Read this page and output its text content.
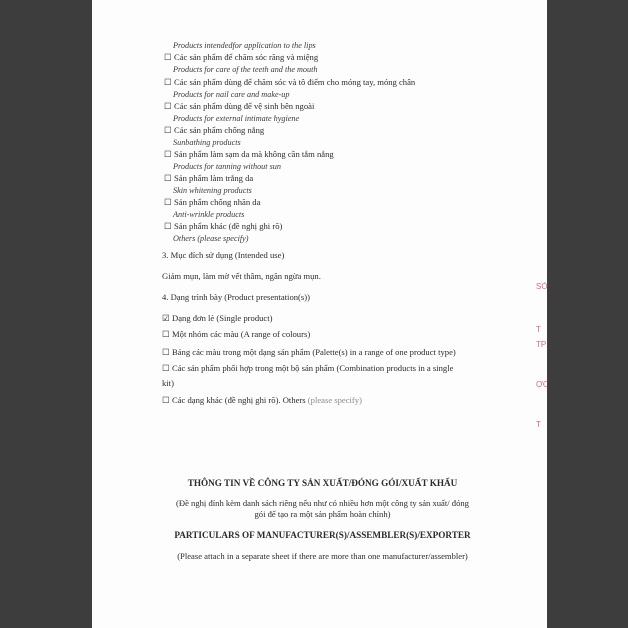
SỞ
T
TP
ỢC
T
Products intendedfor application to the lips
☐ Các sản phẩm để chăm sóc răng và miệng
Products for care of the teeth and the mouth
☐ Các sản phẩm dùng để chăm sóc và tô điểm cho móng tay, móng chân
Products for nail care and make-up
☐ Các sản phẩm dùng để vệ sinh bên ngoài
Products for external intimate hygiene
☐ Các sản phẩm chống nắng
Sunbathing products
☐ Sản phẩm làm sạm da mà không cần tắm nắng
Products for tanning without sun
☐ Sản phẩm làm trắng da
Skin whitening products
☐ Sản phẩm chống nhăn da
Anti-wrinkle products
☐ Sản phẩm khác (đề nghị ghi rõ)
Others (please specify)
3. Mục đích sử dụng (Intended use)
Giảm mụn, làm mờ vết thâm, ngăn ngừa mụn.
4. Dạng trình bày (Product presentation(s))
☑ Dạng đơn lẻ (Single product)
☐ Một nhóm các màu (A range of colours)
☐ Bảng các màu trong một dạng sản phẩm (Palette(s) in a range of one product type)
☐ Các sản phẩm phối hợp trong một bộ sản phẩm (Combination products in a single
kit)
☐ Các dạng khác (đề nghị ghi rõ). Others (please specify)
THÔNG TIN VỀ CÔNG TY SẢN XUẤT/ĐÓNG GÓI/XUẤT KHẨU
(Đề nghị đính kèm danh sách riêng nếu như có nhiều hơn một công ty sản xuất/ đóng
gói để tạo ra một sản phẩm hoàn chỉnh)
PARTICULARS OF MANUFACTURER(S)/ASSEMBLER(S)/EXPORTER
(Please attach in a separate sheet if there are more than one manufacturer/assembler)
